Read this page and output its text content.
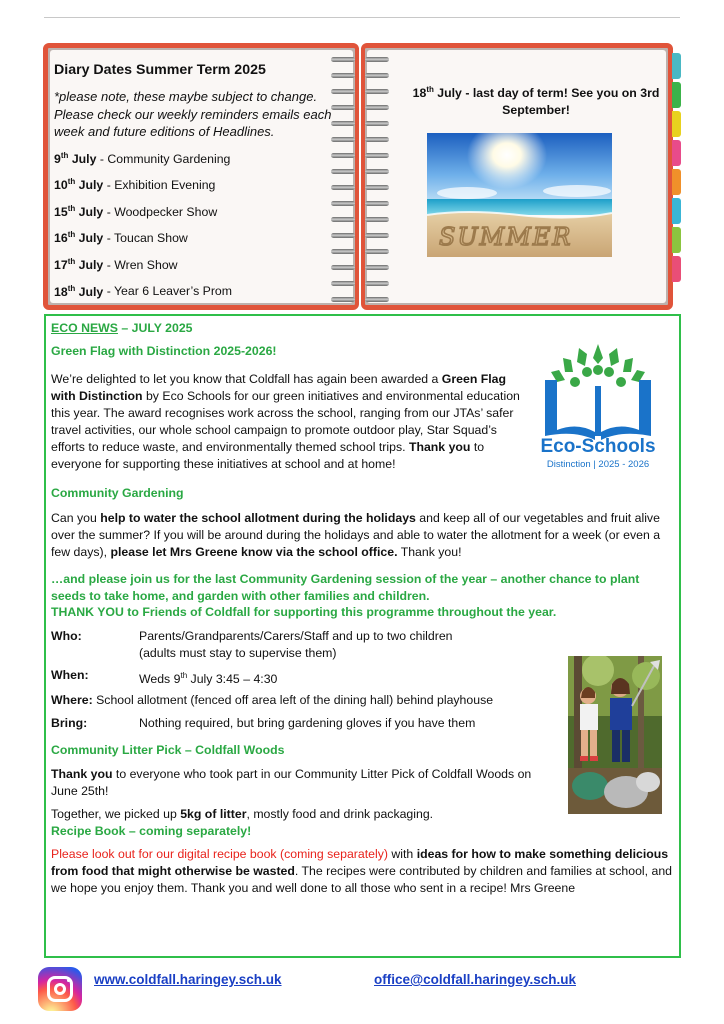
Diary Dates Summer Term 2025

*please note, these maybe subject to change. Please check our weekly reminders emails each week and future editions of Headlines.

9th July - Community Gardening
10th July - Exhibition Evening
15th July - Woodpecker Show
16th July - Toucan Show
17th July - Wren Show
18th July - Year 6 Leaver’s Prom
18th July - last day of term! See you on 3rd September!
SUMMER
Eco-Schools
Distinction | 2025 - 2026
ECO NEWS – JULY 2025
Green Flag with Distinction 2025-2026!
We’re delighted to let you know that Coldfall has again been awarded a Green Flag with Distinction by Eco Schools for our green initiatives and environmental education this year. The award recognises work across the school, ranging from our JTAs’ safer travel activities, our whole school campaign to promote outdoor play, Star Squad’s efforts to reduce waste, and environmentally themed school trips. Thank you to everyone for supporting these initiatives at school and at home!
Community Gardening
Can you help to water the school allotment during the holidays and keep all of our vegetables and fruit alive over the summer? If you will be around during the holidays and able to water the allotment for a week (or even a few days), please let Mrs Greene know via the school office. Thank you!
…and please join us for the last Community Gardening session of the year – another chance to plant seeds to take home, and garden with other families and children.
THANK YOU to Friends of Coldfall for supporting this programme throughout the year.
Who:	Parents/Grandparents/Carers/Staff and up to two children
(adults must stay to supervise them)
When:	Weds 9th July 3:45 – 4:30
Where: School allotment (fenced off area left of the dining hall) behind playhouse
Bring:	Nothing required, but bring gardening gloves if you have them
Community Litter Pick – Coldfall Woods
Thank you to everyone who took part in our Community Litter Pick of Coldfall Woods on June 25th!
Together, we picked up 5kg of litter, mostly food and drink packaging.
Recipe Book – coming separately!
Please look out for our digital recipe book (coming separately) with ideas for how to make something delicious from food that might otherwise be wasted. The recipes were contributed by children and families at school, and we hope you enjoy them. Thank you and well done to all those who sent in a recipe! Mrs Greene
www.coldfall.haringey.sch.uk	office@coldfall.haringey.sch.uk
